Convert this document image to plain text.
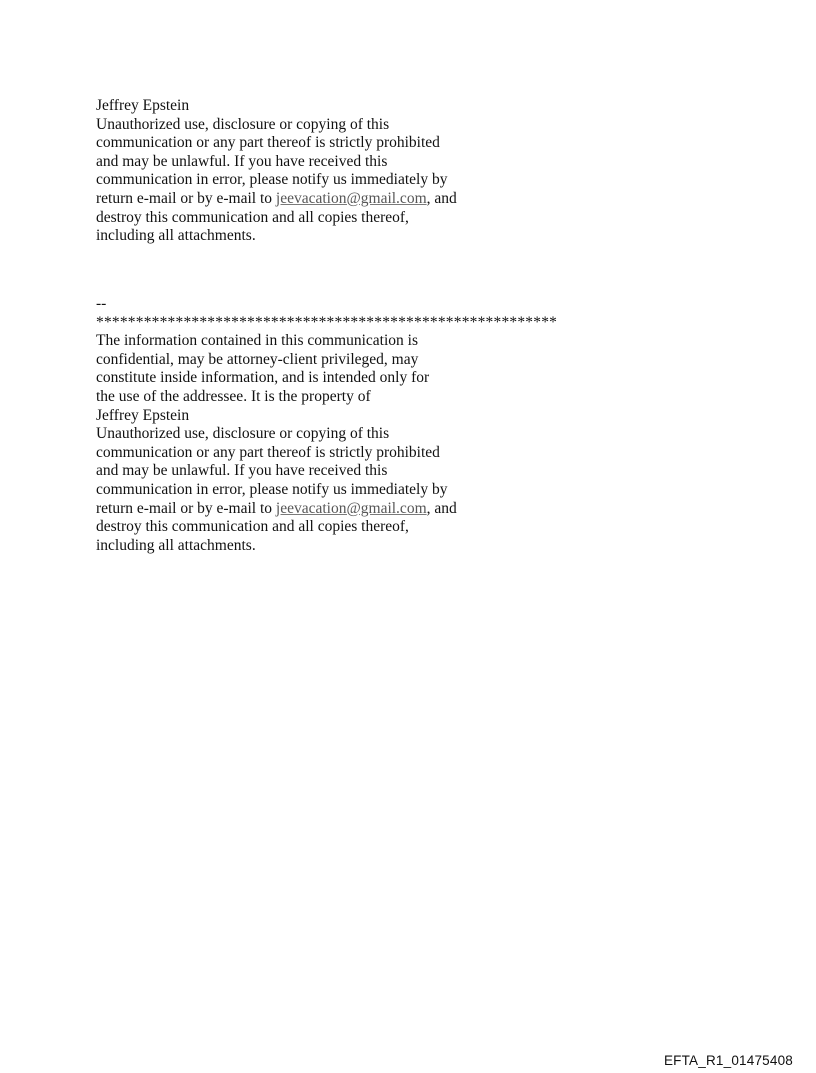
Jeffrey Epstein
Unauthorized use, disclosure or copying of this
communication or any part thereof is strictly prohibited
and may be unlawful. If you have received this
communication in error, please notify us immediately by
return e-mail or by e-mail to jeevacation@gmail.com, and
destroy this communication and all copies thereof,
including all attachments.
--
**********************************************************
The information contained in this communication is
confidential, may be attorney-client privileged, may
constitute inside information, and is intended only for
the use of the addressee. It is the property of
Jeffrey Epstein
Unauthorized use, disclosure or copying of this
communication or any part thereof is strictly prohibited
and may be unlawful. If you have received this
communication in error, please notify us immediately by
return e-mail or by e-mail to jeevacation@gmail.com, and
destroy this communication and all copies thereof,
including all attachments.
EFTA_R1_01475408
